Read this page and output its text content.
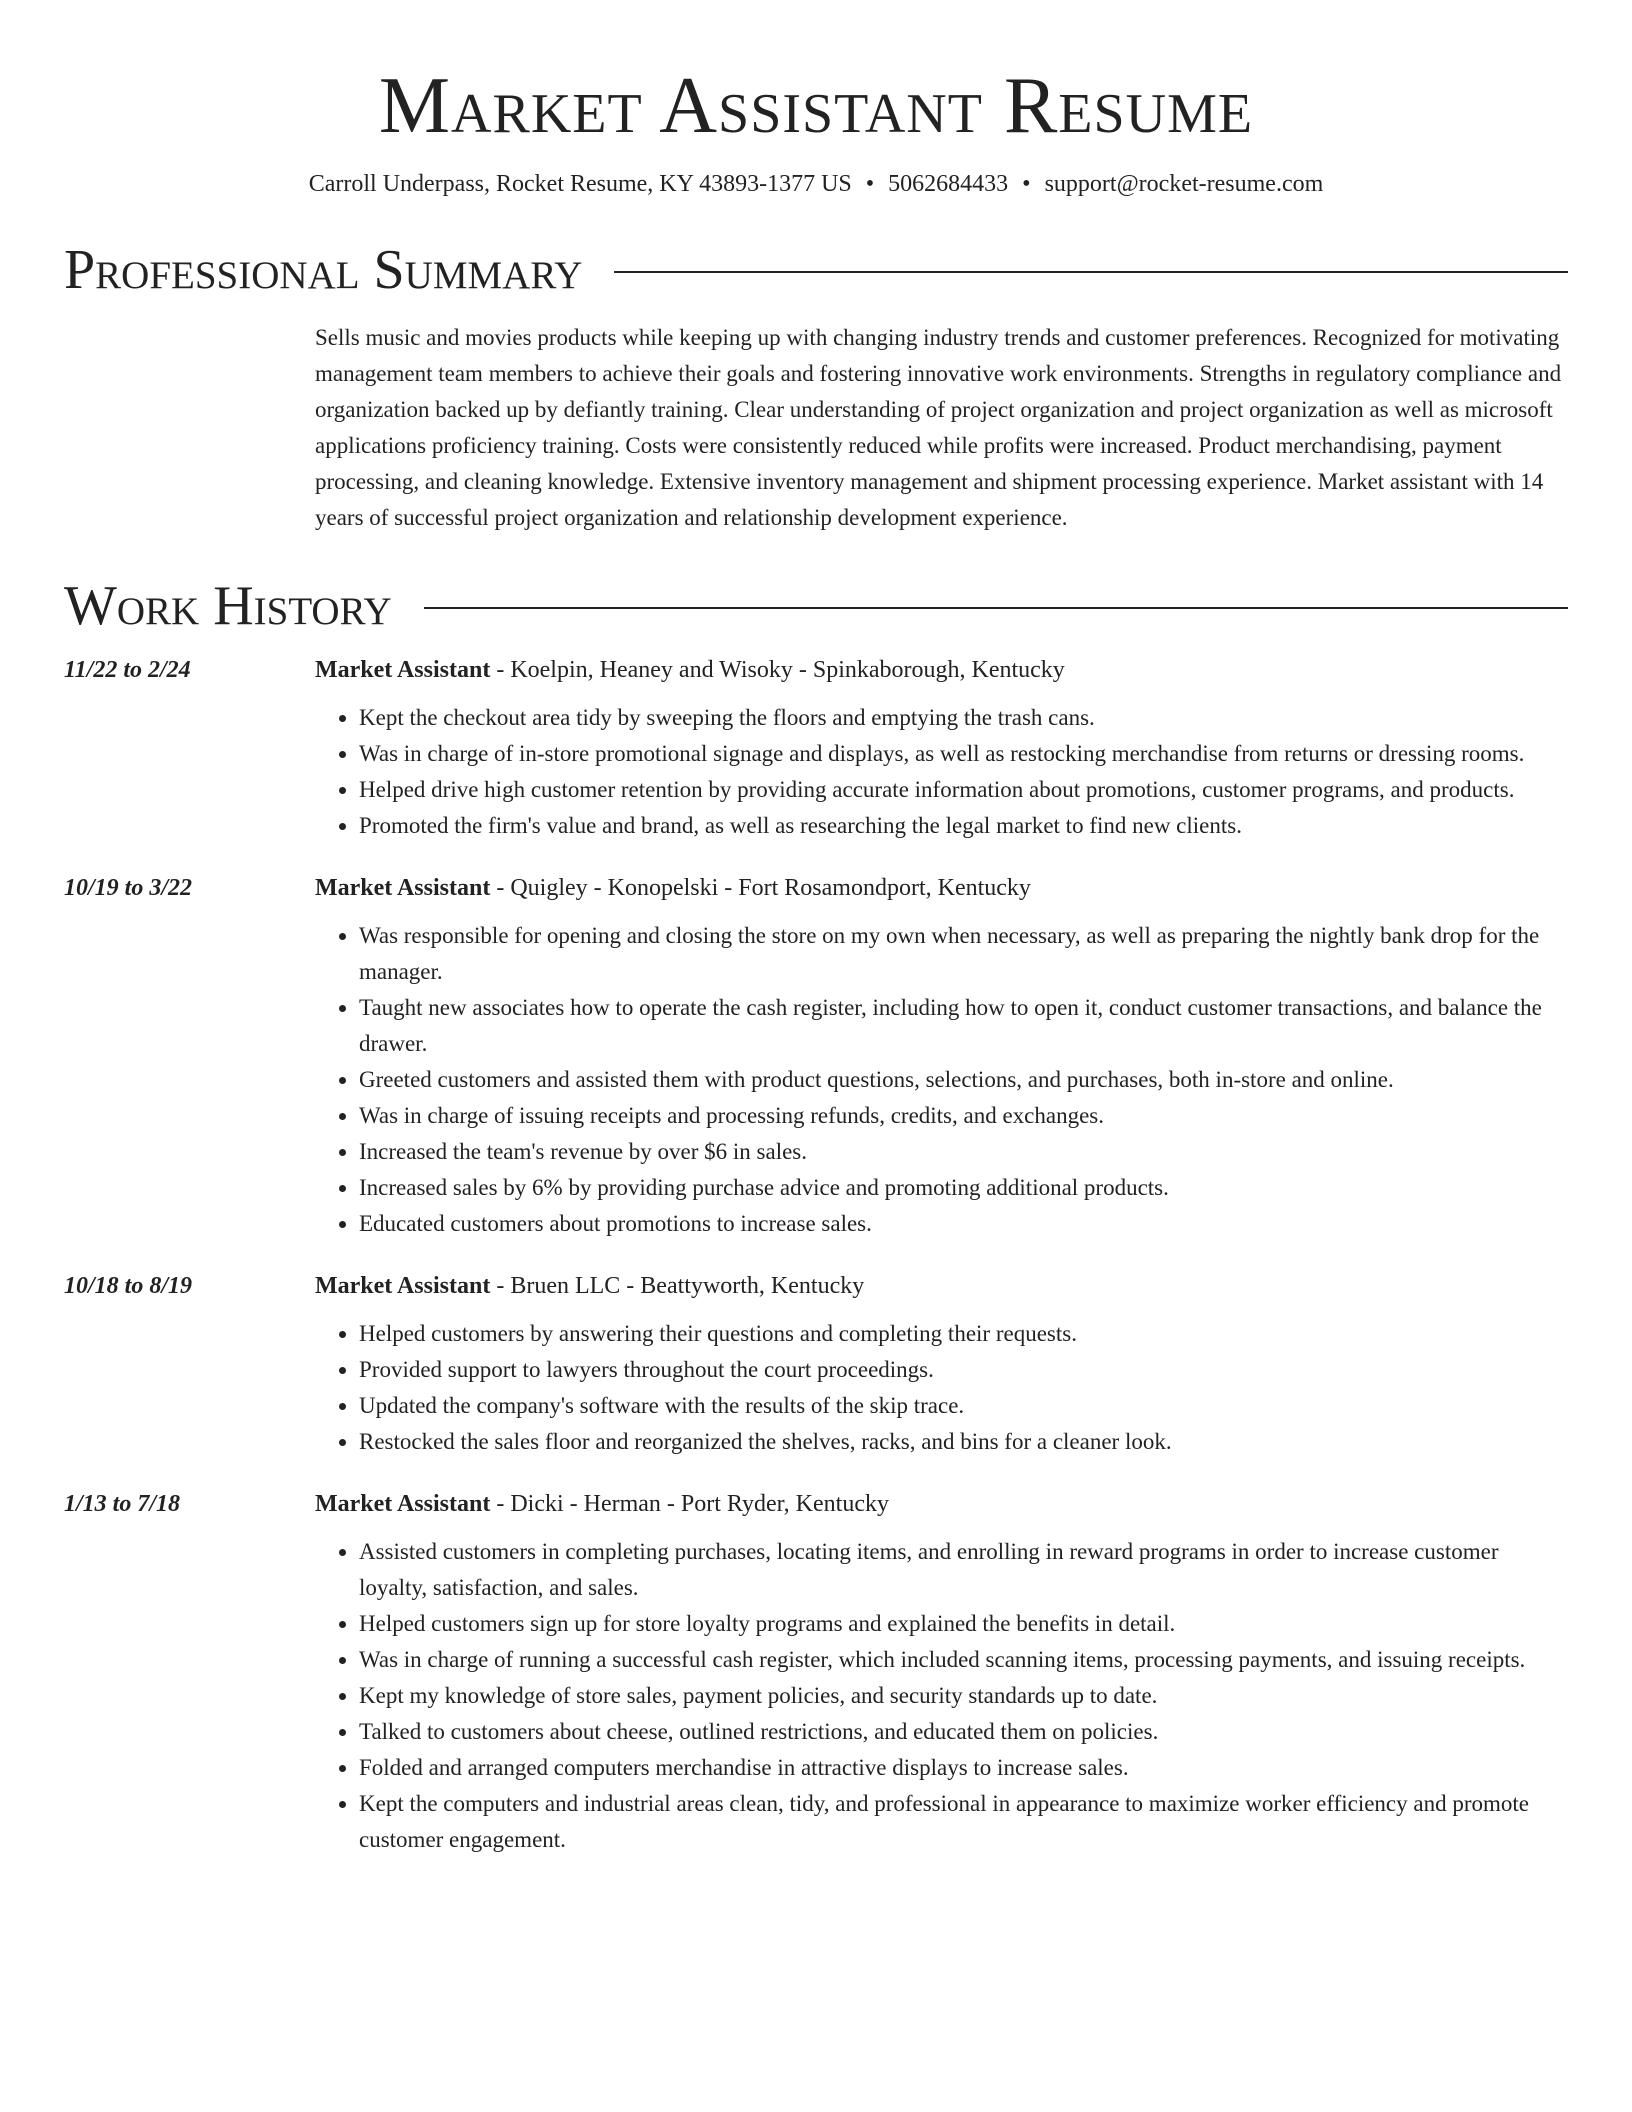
Market Assistant Resume
Carroll Underpass, Rocket Resume, KY 43893-1377 US • 5062684433 • support@rocket-resume.com
Professional Summary
Sells music and movies products while keeping up with changing industry trends and customer preferences. Recognized for motivating management team members to achieve their goals and fostering innovative work environments. Strengths in regulatory compliance and organization backed up by defiantly training. Clear understanding of project organization and project organization as well as microsoft applications proficiency training. Costs were consistently reduced while profits were increased. Product merchandising, payment processing, and cleaning knowledge. Extensive inventory management and shipment processing experience. Market assistant with 14 years of successful project organization and relationship development experience.
Work History
11/22 to 2/24	Market Assistant - Koelpin, Heaney and Wisoky - Spinkaborough, Kentucky
• Kept the checkout area tidy by sweeping the floors and emptying the trash cans.
• Was in charge of in-store promotional signage and displays, as well as restocking merchandise from returns or dressing rooms.
• Helped drive high customer retention by providing accurate information about promotions, customer programs, and products.
• Promoted the firm's value and brand, as well as researching the legal market to find new clients.
10/19 to 3/22	Market Assistant - Quigley - Konopelski - Fort Rosamondport, Kentucky
• Was responsible for opening and closing the store on my own when necessary, as well as preparing the nightly bank drop for the manager.
• Taught new associates how to operate the cash register, including how to open it, conduct customer transactions, and balance the drawer.
• Greeted customers and assisted them with product questions, selections, and purchases, both in-store and online.
• Was in charge of issuing receipts and processing refunds, credits, and exchanges.
• Increased the team's revenue by over $6 in sales.
• Increased sales by 6% by providing purchase advice and promoting additional products.
• Educated customers about promotions to increase sales.
10/18 to 8/19	Market Assistant - Bruen LLC - Beattyworth, Kentucky
• Helped customers by answering their questions and completing their requests.
• Provided support to lawyers throughout the court proceedings.
• Updated the company's software with the results of the skip trace.
• Restocked the sales floor and reorganized the shelves, racks, and bins for a cleaner look.
1/13 to 7/18	Market Assistant - Dicki - Herman - Port Ryder, Kentucky
• Assisted customers in completing purchases, locating items, and enrolling in reward programs in order to increase customer loyalty, satisfaction, and sales.
• Helped customers sign up for store loyalty programs and explained the benefits in detail.
• Was in charge of running a successful cash register, which included scanning items, processing payments, and issuing receipts.
• Kept my knowledge of store sales, payment policies, and security standards up to date.
• Talked to customers about cheese, outlined restrictions, and educated them on policies.
• Folded and arranged computers merchandise in attractive displays to increase sales.
• Kept the computers and industrial areas clean, tidy, and professional in appearance to maximize worker efficiency and promote customer engagement.
